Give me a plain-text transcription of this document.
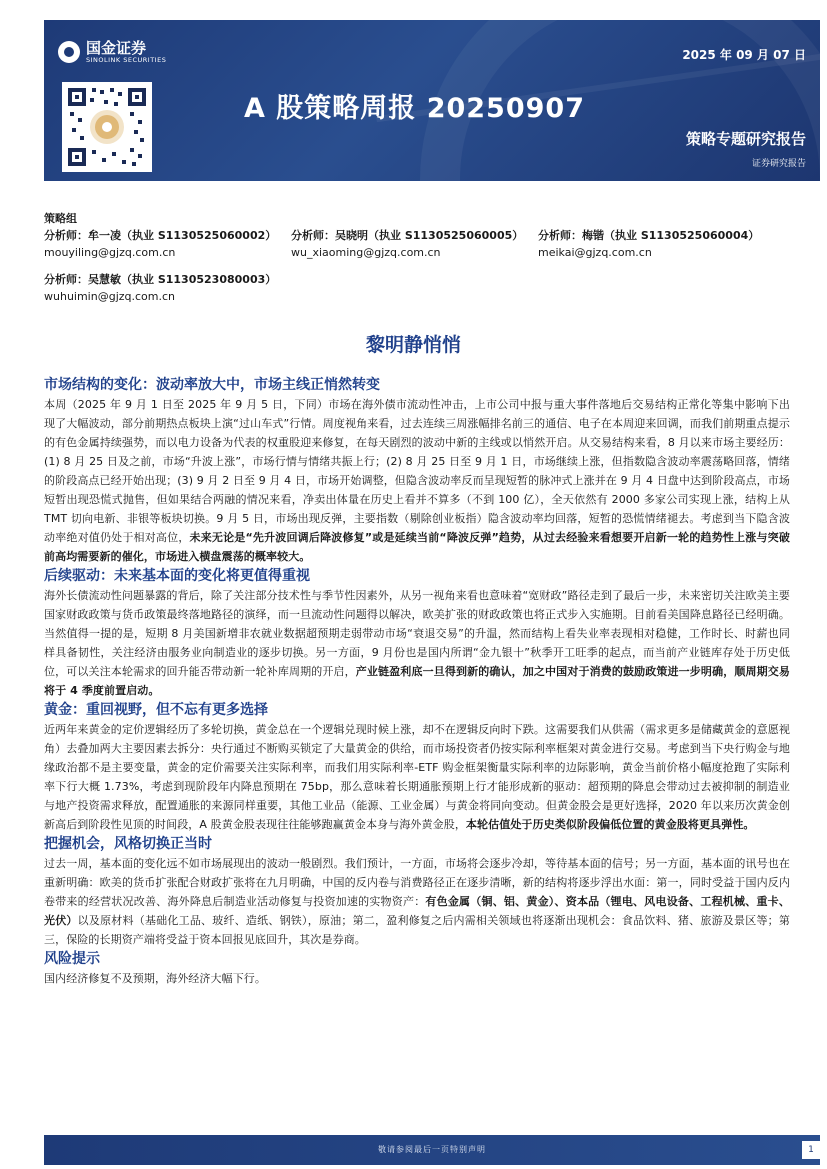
国金证券
SINOLINK SECURITIES	2025 年 09 月 07 日
A 股策略周报 20250907
策略专题研究报告
证券研究报告
策略组
分析师：牟一凌（执业 S1130525060002）
mouyiling@gjzq.com.cn
分析师：吴晓明（执业 S1130525060005）
wu_xiaoming@gjzq.com.cn
分析师：梅锴（执业 S1130525060004）
meikai@gjzq.com.cn
分析师：吴慧敏（执业 S1130523080003）
wuhuimin@gjzq.com.cn
黎明静悄悄
市场结构的变化：波动率放大中，市场主线正悄然转变

本周（2025 年 9 月 1 日至 2025 年 9 月 5 日，下同）市场在海外债市流动性冲击，上市公司中报与重大事件落地后交易结构正常化等集中影响下出现了大幅波动，部分前期热点板块上演“过山车式”行情。周度视角来看，过去连续三周涨幅排名前三的通信、电子在本周迎来回调，而我们前期重点提示的有色金属持续强势，而以电力设备为代表的权重股迎来修复，在每天剧烈的波动中新的主线或以悄然开启。从交易结构来看，8 月以来市场主要经历：(1) 8 月 25 日及之前，市场“升波上涨”，市场行情与情绪共振上行；(2) 8 月 25 日至 9 月 1 日，市场继续上涨，但指数隐含波动率震荡略回落，情绪的阶段高点已经开始出现；(3) 9 月 2 日至 9 月 4 日，市场开始调整，但隐含波动率反而呈现短暂的脉冲式上涨并在 9 月 4 日盘中达到阶段高点，市场短暂出现恐慌式抛售，但如果结合两融的情况来看，净卖出体量在历史上看并不算多（不到 100 亿），全天依然有 2000 多家公司实现上涨，结构上从 TMT 切向电新、非银等板块切换。9 月 5 日，市场出现反弹，主要指数（剔除创业板指）隐含波动率均回落，短暂的恐慌情绪褪去。考虑到当下隐含波动率绝对值仍处于相对高位，未来无论是“先升波回调后降波修复”或是延续当前“降波反弹”趋势，从过去经验来看想要开启新一轮的趋势性上涨与突破前高均需要新的催化，市场进入横盘震荡的概率较大。

后续驱动：未来基本面的变化将更值得重视

海外长债流动性问题暴露的背后，除了关注部分技术性与季节性因素外，从另一视角来看也意味着“宽财政”路径走到了最后一步，未来密切关注欧美主要国家财政政策与货币政策最终落地路径的演绎，而一旦流动性问题得以解决，欧美扩张的财政政策也将正式步入实施期。目前看美国降息路径已经明确。当然值得一提的是，短期 8 月美国新增非农就业数据超预期走弱带动市场“衰退交易”的升温，然而结构上看失业率表现相对稳健，工作时长、时薪也同样具备韧性，关注经济由服务业向制造业的逐步切换。另一方面，9 月份也是国内所谓“金九银十”秋季开工旺季的起点，而当前产业链库存处于历史低位，可以关注本轮需求的回升能否带动新一轮补库周期的开启，产业链盈利底一旦得到新的确认，加之中国对于消费的鼓励政策进一步明确，顺周期交易将于 4 季度前置启动。

黄金：重回视野，但不忘有更多选择

近两年来黄金的定价逻辑经历了多轮切换，黄金总在一个逻辑兑现时候上涨，却不在逻辑反向时下跌。这需要我们从供需（需求更多是储藏黄金的意愿视角）去叠加两大主要因素去拆分：央行通过不断购买锁定了大量黄金的供给，而市场投资者仍按实际利率框架对黄金进行交易。考虑到当下央行购金与地缘政治都不是主要变量，黄金的定价需要关注实际利率，而我们用实际利率-ETF 购金框架衡量实际利率的边际影响，黄金当前价格小幅度抢跑了实际利率下行大概 1.73%，考虑到现阶段年内降息预期在 75bp，那么意味着长期通胀预期上行才能形成新的驱动：超预期的降息会带动过去被抑制的制造业与地产投资需求释放，配置通胀的来源同样重要，其他工业品（能源、工业金属）与黄金将同向变动。但黄金股会是更好选择，2020 年以来历次黄金创新高后到阶段性见顶的时间段，A 股黄金股表现往往能够跑赢黄金本身与海外黄金股，本轮估值处于历史类似阶段偏低位置的黄金股将更具弹性。

把握机会，风格切换正当时

过去一周，基本面的变化远不如市场展现出的波动一般剧烈。我们预计，一方面，市场将会逐步冷却，等待基本面的信号；另一方面，基本面的讯号也在重新明确：欧美的货币扩张配合财政扩张将在九月明确，中国的反内卷与消费路径正在逐步清晰，新的结构将逐步浮出水面：第一，同时受益于国内反内卷带来的经营状况改善、海外降息后制造业活动修复与投资加速的实物资产：有色金属（铜、铝、黄金）、资本品（锂电、风电设备、工程机械、重卡、光伏）以及原材料（基础化工品、玻纤、造纸、钢铁），原油；第二，盈利修复之后内需相关领域也将逐渐出现机会：食品饮料、猪、旅游及景区等；第三，保险的长期资产端将受益于资本回报见底回升，其次是券商。

风险提示

国内经济修复不及预期，海外经济大幅下行。

敬请参阅最后一页特别声明	1
